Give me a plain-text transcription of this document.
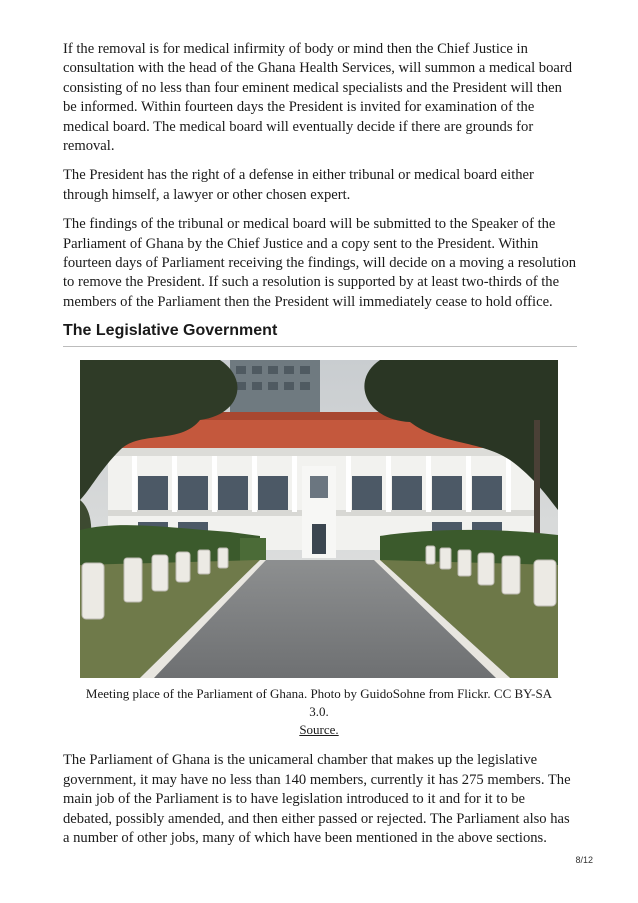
If the removal is for medical infirmity of body or mind then the Chief Justice in consultation with the head of the Ghana Health Services, will summon a medical board consisting of no less than four eminent medical specialists and the President will then be informed. Within fourteen days the President is invited for examination of the medical board. The medical board will eventually decide if there are grounds for removal.

The President has the right of a defense in either tribunal or medical board either through himself, a lawyer or other chosen expert.

The findings of the tribunal or medical board will be submitted to the Speaker of the Parliament of Ghana by the Chief Justice and a copy sent to the President. Within fourteen days of Parliament receiving the findings, will decide on a moving a resolution to remove the President. If such a resolution is supported by at least two-thirds of the members of the Parliament then the President will immediately cease to hold office.

The Legislative Government
Meeting place of the Parliament of Ghana. Photo by GuidoSohne from Flickr. CC BY-SA 3.0.
Source.

The Parliament of Ghana is the unicameral chamber that makes up the legislative government, it may have no less than 140 members, currently it has 275 members. The main job of the Parliament is to have legislation introduced to it and for it to be debated, possibly amended, and then either passed or rejected. The Parliament also has a number of other jobs, many of which have been mentioned in the above sections.

8/12
